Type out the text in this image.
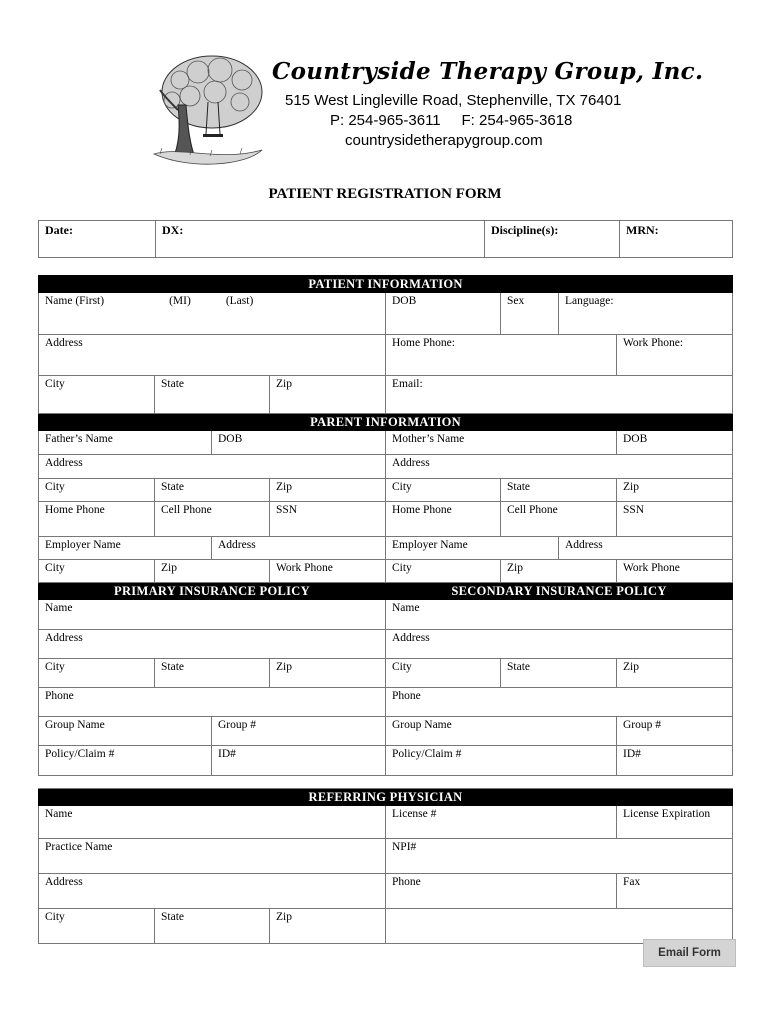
Countryside Therapy Group, Inc.
515 West Lingleville Road, Stephenville, TX 76401
P: 254-965-3611     F: 254-965-3618
countrysidetherapygroup.com
PATIENT REGISTRATION FORM
Date:	DX:	Discipline(s):	MRN:
PATIENT INFORMATION							
Name (First) (MI) (Last)				DOB	Sex	Language:	
Address				Home Phone:			Work Phone:
City	State		Zip	Email:			
PARENT INFORMATION							
Father’s Name		DOB		Mother’s Name			DOB
Address				Address			
City	State		Zip	City	State		Zip
Home Phone	Cell Phone		SSN	Home Phone	Cell Phone		SSN
Employer Name		Address		Employer Name		Address	
City	Zip		Work Phone	City	Zip		Work Phone
PRIMARY INSURANCE POLICY				SECONDARY INSURANCE POLICY			
Name				Name			
Address				Address			
City	State		Zip	City	State		Zip
Phone				Phone			
Group Name		Group #		Group Name			Group #
Policy/Claim #		ID#		Policy/Claim #			ID#

REFERRING PHYSICIAN							
Name				License #			License Expiration
Practice Name				NPI#			
Address				Phone			Fax
City	State		Zip				
Email Form
